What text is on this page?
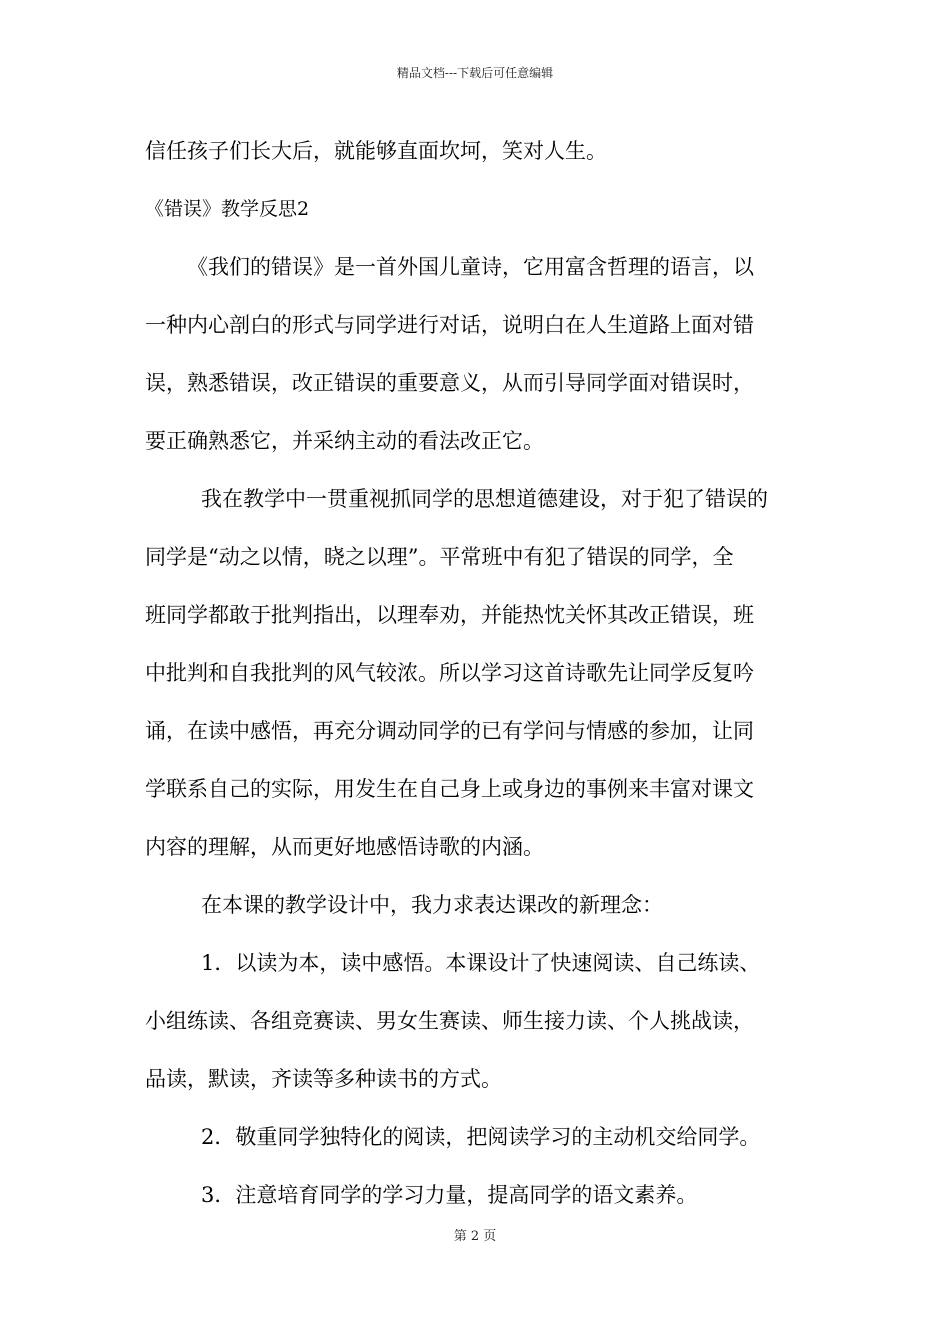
精品文档---下载后可任意编辑
信任孩子们长大后，就能够直面坎坷，笑对人生。
《错误》教学反思2
《我们的错误》是一首外国儿童诗，它用富含哲理的语言，以
一种内心剖白的形式与同学进行对话，说明白在人生道路上面对错
误，熟悉错误，改正错误的重要意义，从而引导同学面对错误时，
要正确熟悉它，并采纳主动的看法改正它。
我在教学中一贯重视抓同学的思想道德建设，对于犯了错误的
同学是“动之以情，晓之以理”。平常班中有犯了错误的同学，全
班同学都敢于批判指出，以理奉劝，并能热忱关怀其改正错误，班
中批判和自我批判的风气较浓。所以学习这首诗歌先让同学反复吟
诵，在读中感悟，再充分调动同学的已有学问与情感的参加，让同
学联系自己的实际，用发生在自己身上或身边的事例来丰富对课文
内容的理解，从而更好地感悟诗歌的内涵。
在本课的教学设计中，我力求表达课改的新理念：
1．以读为本，读中感悟。本课设计了快速阅读、自己练读、
小组练读、各组竞赛读、男女生赛读、师生接力读、个人挑战读，
品读，默读，齐读等多种读书的方式。
2．敬重同学独特化的阅读，把阅读学习的主动机交给同学。
3．注意培育同学的学习力量，提高同学的语文素养。
第 2 页
